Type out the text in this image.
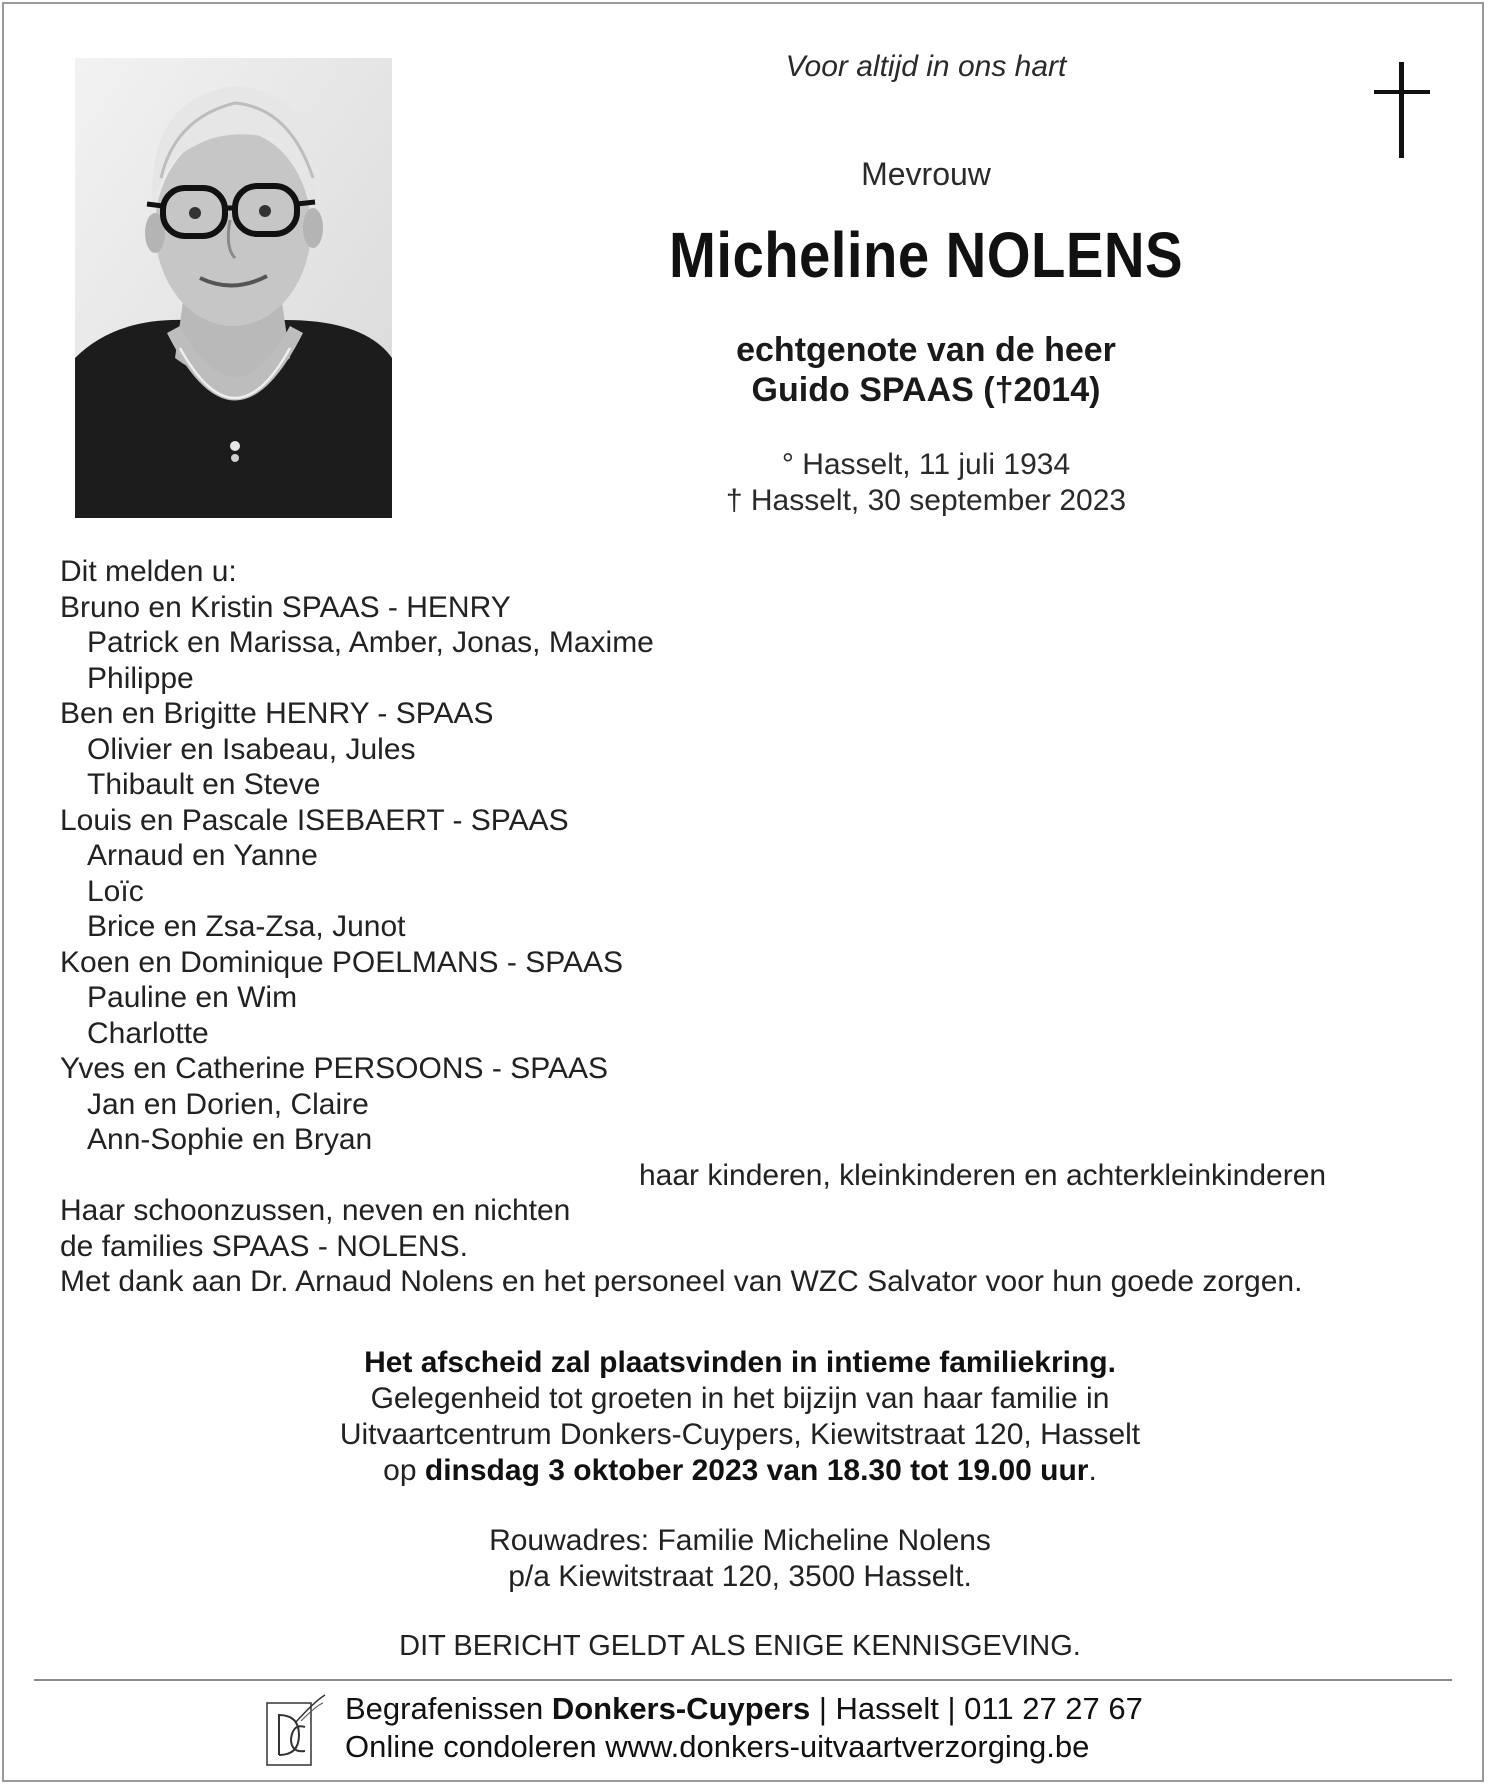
Voor altijd in ons hart
Mevrouw
Micheline NOLENS
echtgenote van de heer
Guido SPAAS (†2014)
° Hasselt, 11 juli 1934
† Hasselt, 30 september 2023
Dit melden u:
Bruno en Kristin SPAAS - HENRY
Patrick en Marissa, Amber, Jonas, Maxime
Philippe
Ben en Brigitte HENRY - SPAAS
Olivier en Isabeau, Jules
Thibault en Steve
Louis en Pascale ISEBAERT - SPAAS
Arnaud en Yanne
Loïc
Brice en Zsa-Zsa, Junot
Koen en Dominique POELMANS - SPAAS
Pauline en Wim
Charlotte
Yves en Catherine PERSOONS - SPAAS
Jan en Dorien, Claire
Ann-Sophie en Bryan
haar kinderen, kleinkinderen en achterkleinkinderen
Haar schoonzussen, neven en nichten
de families SPAAS - NOLENS.
Met dank aan Dr. Arnaud Nolens en het personeel van WZC Salvator voor hun goede zorgen.
Het afscheid zal plaatsvinden in intieme familiekring.
Gelegenheid tot groeten in het bijzijn van haar familie in
Uitvaartcentrum Donkers-Cuypers, Kiewitstraat 120, Hasselt
op dinsdag 3 oktober 2023 van 18.30 tot 19.00 uur.
Rouwadres: Familie Micheline Nolens
p/a Kiewitstraat 120, 3500 Hasselt.
DIT BERICHT GELDT ALS ENIGE KENNISGEVING.
Begrafenissen Donkers-Cuypers | Hasselt | 011 27 27 67
Online condoleren www.donkers-uitvaartverzorging.be
